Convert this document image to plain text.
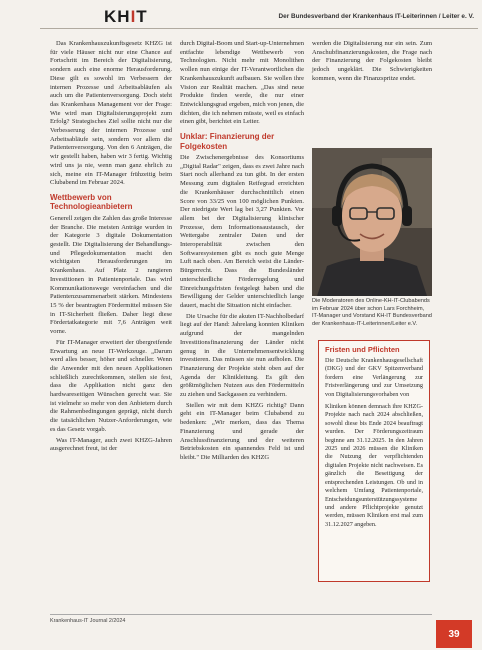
KHIT	Der Bundesverband der Krankenhaus IT-Leiterinnen / Leiter e. V.

Das Krankenhauszukunftsgesetz KHZG ist für viele Häuser nicht nur eine Chance auf Fortschritt im Bereich der Digitalisierung, sondern auch eine enorme Herausforderung. Diese gilt es sowohl im Verbessern der internen Prozesse und Arbeitsabläufen als auch um die Patientenversorgung. Doch steht das Krankenhaus Management vor der Frage: Wie wird man Digitalisierungsprojekt zum Erfolg? Strategisches Ziel sollte nicht nur die Verbesserung der internen Prozesse und Arbeitsabläufe sein, sondern vor allem die Patientenversorgung. Von den 6 Anträgen, die wir gestellt haben, haben wir 3 fertig. Wichtig wird uns ja nie, wenn man ganz ehrlich zu sich, meine ein IT-Manager frühzeitig beim Clubabend im Februar 2024.

Wettbewerb von Technologieanbietern

Generell zeigen die Zahlen das große Interesse der Branche. Die meisten Anträge wurden in der Kategorie 3 digitale Dokumentation gestellt. Die Digitalisierung der Behandlungs- und Pflegedokumentation macht den wichtigsten Herausforderungen im Krankenhaus. Auf Platz 2 rangieren Investitionen in Patientenportale. Das wird Kommunikationswege vereinfachen und die Patientenzusammenarbeit stärken. Mindestens 15 % der beantragten Fördermittel müssen Sie in IT-Sicherheit fließen. Daher liegt diese Fördertatkategorie mit 7,6 Anträgen weit vorne.

Für IT-Manager erweitert der übergreifende Erwartung an neue IT-Werkzeuge. „Darum werd alles besser, höher und schneller. Wenn die Anwender mit den neuen Applikationen schließlich zurechtkommen, stellen sie fest, dass die Applikation nicht ganz den hardwareseitigen Wünschen gerecht war. Sie ist vielmehr so mehr von den Anbietern durch die Rahmenbedingungen geprägt, nicht durch die tatsächlichen Nutzer-Anforderungen, wie es das Gesetz vorgab.

Was IT-Manager, auch zwei KHZG-Jahren ausgerechnet freut, ist der

durch Digital-Boom und Start-up-Unternehmen entfachte lebendige Wettbewerb von Technologien. Nicht mehr mit Monolithen wollen nun einige der IT-Verantwortlichen die Krankenhauszukunft aufbauen. Sie wollen ihre Vision zur Realität machen. „Das sind neue Produkte finden werde, die nur einer Entwicklungsgrad ergeben, mich von jenen, die dichten, die ich nehmen müsste, weil es einfach einen gibt, berichtet ein Leiter.

Unklar: Finanzierung der Folgekosten

Die Zwischenergebnisse des Konsortiums „Digital Radar" zeigen, dass es zwei Jahre nach Start noch allerhand zu tun gibt. In der ersten Messung zum digitalen Reifegrad erreichten die Krankenhäuser durchschnittlich einen Score von 33/25 von 100 möglichen Punkten. Der niedrigste Wert lag bei 3,27 Punkten. Vor allem bei der Digitalisierung klinischer Prozesse, dem Informationsaustausch, der Wettergabe zentraler Daten und der Interoperabilität zwischen den Softwaresystemen gibt es noch gute Menge Luft nach oben. Am Bereich weist die Länder-Bürgerrecht. Dass die Bundesländer unterschiedliche Förderregelung und Einreichungsfristen festgelegt haben und die Bewilligung der Gelder unterschiedlich lange dauert, macht die Situation nicht einfacher.

Die Ursache für die akuten IT-Nachholbedarf liegt auf der Hand: Jahrelang konnten Kliniken aufgrund der mangelnden Investitionsfinanzierung der Länder nicht genug in die Unternehmensentwicklung investieren. Das müssen sie nun aufholen. Die Finanzierung der Projekte steht oben auf der Agenda der Klinikleitung. Es gilt den größtmöglichen Nutzen aus den Fördermitteln zu ziehen und Sackgassen zu verhindern.

Stellen wir mit dem KHZG richtig? Dann geht ein IT-Manager beim Clubabend zu bedenken: „Wir merken, dass das Thema Finanzierung und gerade der Anschlussfinanzierung und der weiteren Betriebskosten ein spannendes Feld ist und bleibt." Die Milliarden des KHZG

werden die Digitalisierung nur ein sein. Zum Anschubfinanzierungskosten, die Frage nach der Finanzierung der Folgekosten bleibt jedoch ungeklärt. Die Schwierigkeiten kommen, wenn die Finanzspritze endet.

Die Moderatoren des Online-KH-IT-Clubabends im Februar 2024 über schon Lars Forchheim, IT-Manager und Vorstand KH-IT Bundesverband der Krankenhaus-IT-Leiterinnen/Leiter e.V.
Fristen und Pflichten

Die Deutsche Krankenhausgesellschaft (DKG) und der GKV Spitzenverband fordern eine Verlängerung zur Fristverlängerung und zur Umsetzung von Digitalisierungsvorhaben von

Kliniken können demnach ihre KHZG-Projekte nach nach 2024 abschließen, sowohl diese bis Ende 2024 beauftragt wurden. Der Förderungszeitraum beginne am 31.12.2025. In den Jahren 2025 und 2026 müssen die Kliniken die Nutzung der verpflichtenden digitalen Projekte nicht nachweisen. Es gänzlich die Beseitigung der entsprechenden Leistungen. Ob und in welchem Umfang Patientenportale, Entscheidungsunterstützungssysteme und andere Pflichtprojekte genutzt werden, müssen Kliniken erst mal zum 31.12.2027 angeben.

Krankenhaus-IT Journal 2/2024
39
